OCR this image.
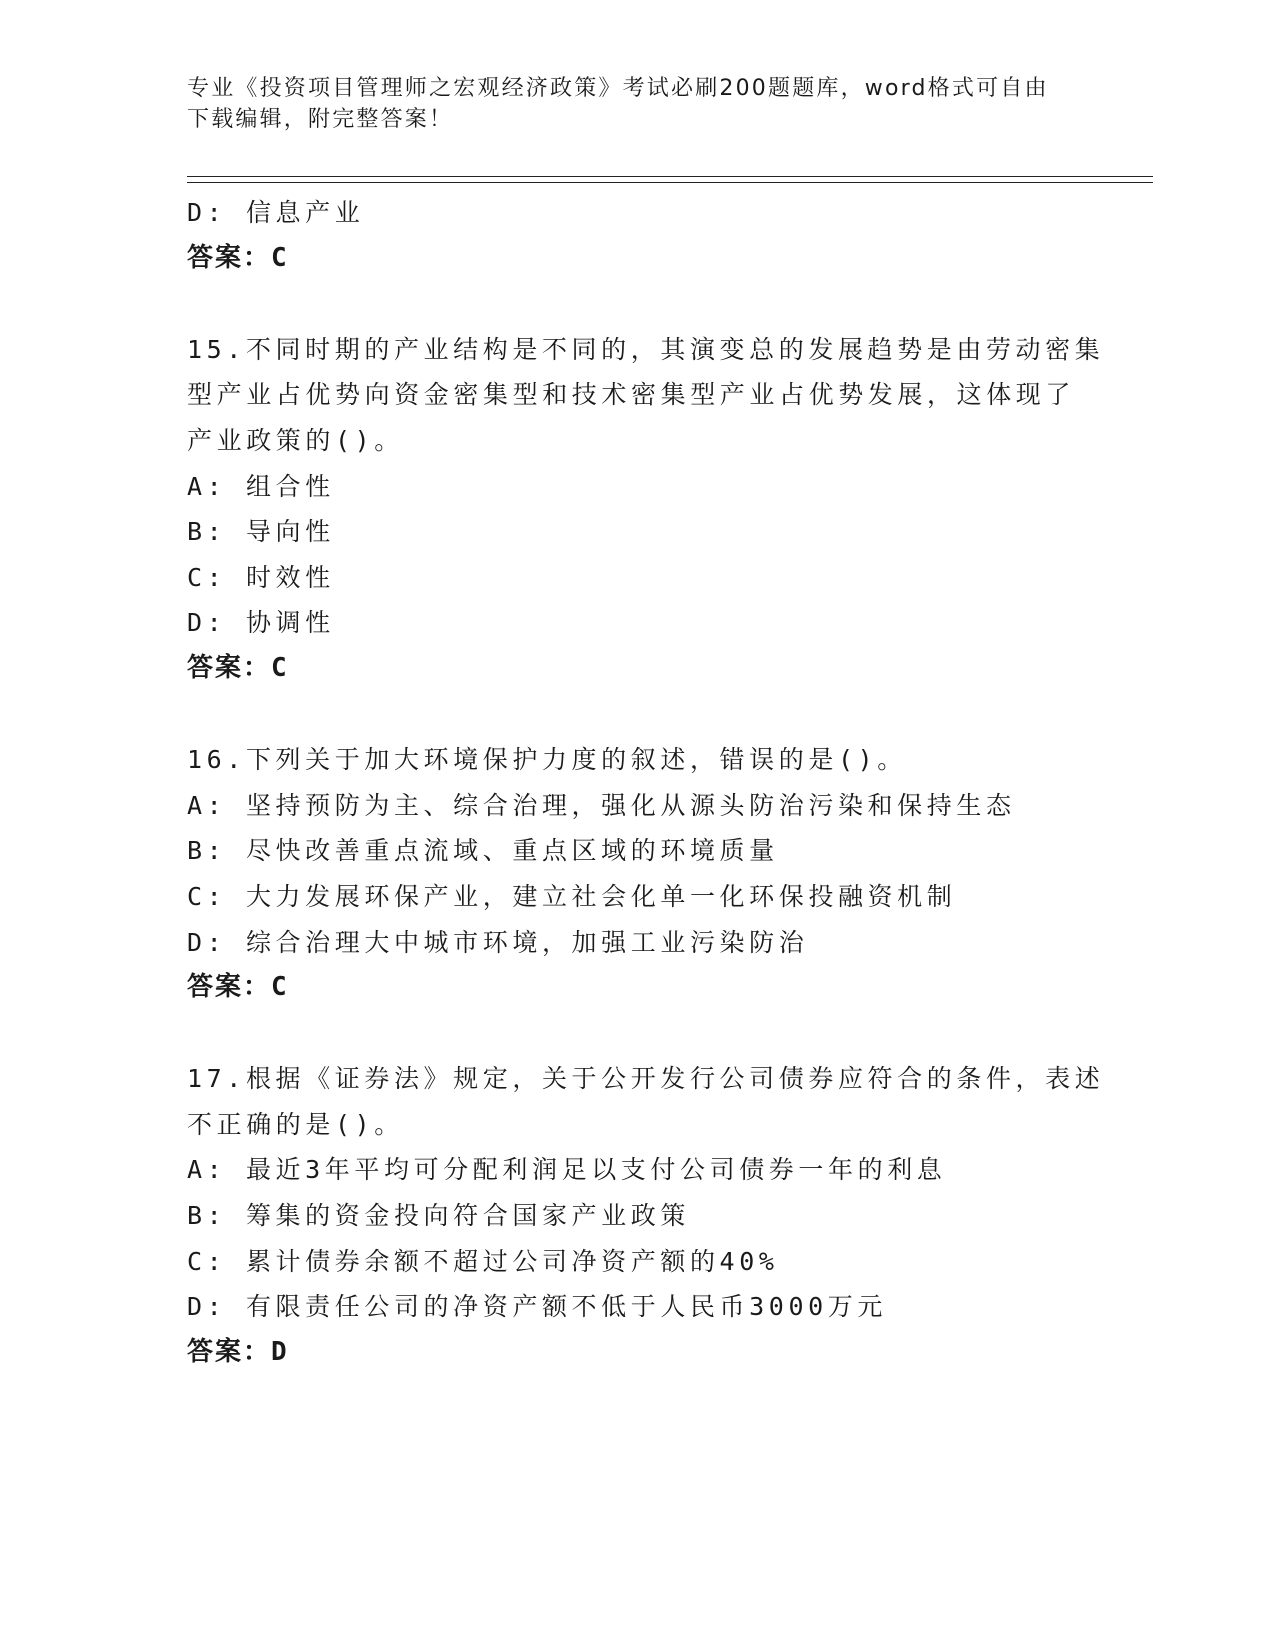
专业《投资项目管理师之宏观经济政策》考试必刷200题题库，word格式可自由
下载编辑，附完整答案！
D: 信息产业
答案：C
15.不同时期的产业结构是不同的，其演变总的发展趋势是由劳动密集
型产业占优势向资金密集型和技术密集型产业占优势发展，这体现了
产业政策的()。
A: 组合性
B: 导向性
C: 时效性
D: 协调性
答案：C
16.下列关于加大环境保护力度的叙述，错误的是()。
A: 坚持预防为主、综合治理，强化从源头防治污染和保持生态
B: 尽快改善重点流域、重点区域的环境质量
C: 大力发展环保产业，建立社会化单一化环保投融资机制
D: 综合治理大中城市环境，加强工业污染防治
答案：C
17.根据《证券法》规定，关于公开发行公司债券应符合的条件，表述
不正确的是()。
A: 最近3年平均可分配利润足以支付公司债券一年的利息
B: 筹集的资金投向符合国家产业政策
C: 累计债券余额不超过公司净资产额的40%
D: 有限责任公司的净资产额不低于人民币3000万元
答案：D
